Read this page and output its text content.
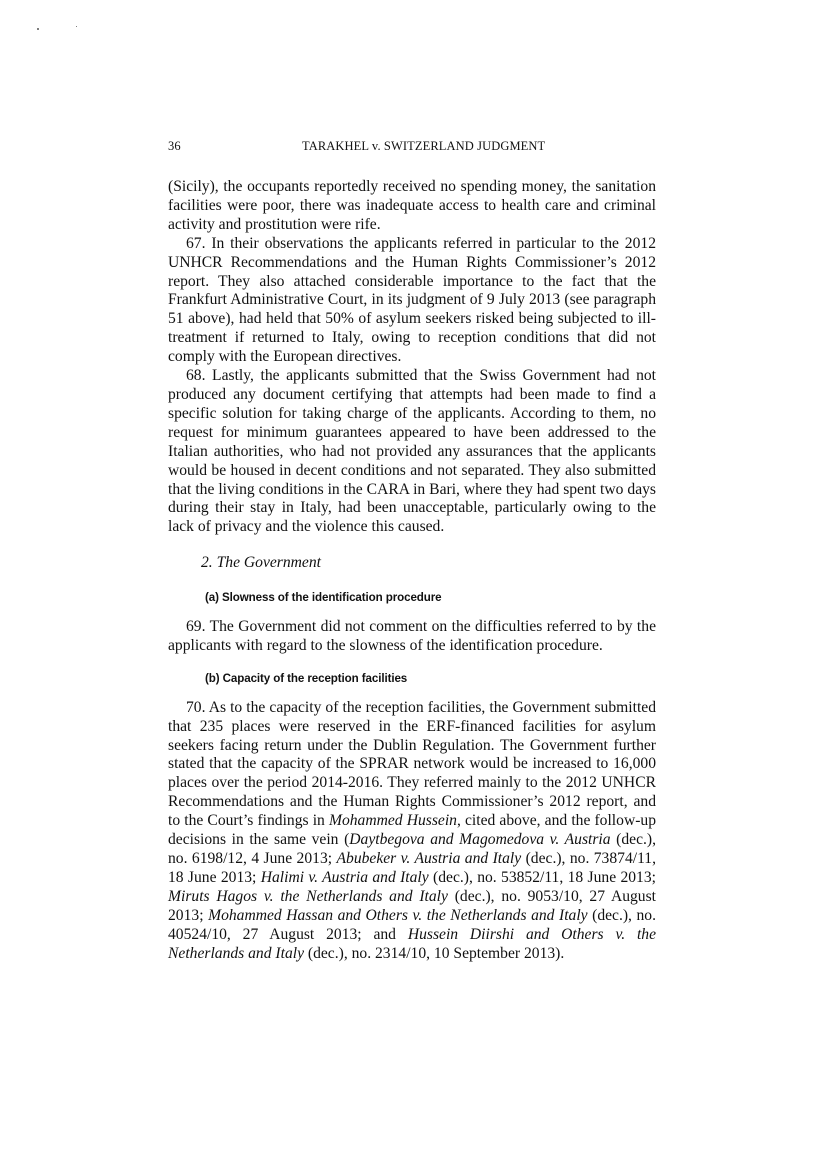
36	TARAKHEL v. SWITZERLAND JUDGMENT

(Sicily), the occupants reportedly received no spending money, the sanitation facilities were poor, there was inadequate access to health care and criminal activity and prostitution were rife.

67. In their observations the applicants referred in particular to the 2012 UNHCR Recommendations and the Human Rights Commissioner’s 2012 report. They also attached considerable importance to the fact that the Frankfurt Administrative Court, in its judgment of 9 July 2013 (see paragraph 51 above), had held that 50% of asylum seekers risked being subjected to ill-treatment if returned to Italy, owing to reception conditions that did not comply with the European directives.

68. Lastly, the applicants submitted that the Swiss Government had not produced any document certifying that attempts had been made to find a specific solution for taking charge of the applicants. According to them, no request for minimum guarantees appeared to have been addressed to the Italian authorities, who had not provided any assurances that the applicants would be housed in decent conditions and not separated. They also submitted that the living conditions in the CARA in Bari, where they had spent two days during their stay in Italy, had been unacceptable, particularly owing to the lack of privacy and the violence this caused.

2. The Government

(a) Slowness of the identification procedure

69. The Government did not comment on the difficulties referred to by the applicants with regard to the slowness of the identification procedure.

(b) Capacity of the reception facilities

70. As to the capacity of the reception facilities, the Government submitted that 235 places were reserved in the ERF-financed facilities for asylum seekers facing return under the Dublin Regulation. The Government further stated that the capacity of the SPRAR network would be increased to 16,000 places over the period 2014-2016. They referred mainly to the 2012 UNHCR Recommendations and the Human Rights Commissioner’s 2012 report, and to the Court’s findings in Mohammed Hussein, cited above, and the follow-up decisions in the same vein (Daytbegova and Magomedova v. Austria (dec.), no. 6198/12, 4 June 2013; Abubeker v. Austria and Italy (dec.), no. 73874/11, 18 June 2013; Halimi v. Austria and Italy (dec.), no. 53852/11, 18 June 2013; Miruts Hagos v. the Netherlands and Italy (dec.), no. 9053/10, 27 August 2013; Mohammed Hassan and Others v. the Netherlands and Italy (dec.), no. 40524/10, 27 August 2013; and Hussein Diirshi and Others v. the Netherlands and Italy (dec.), no. 2314/10, 10 September 2013).
